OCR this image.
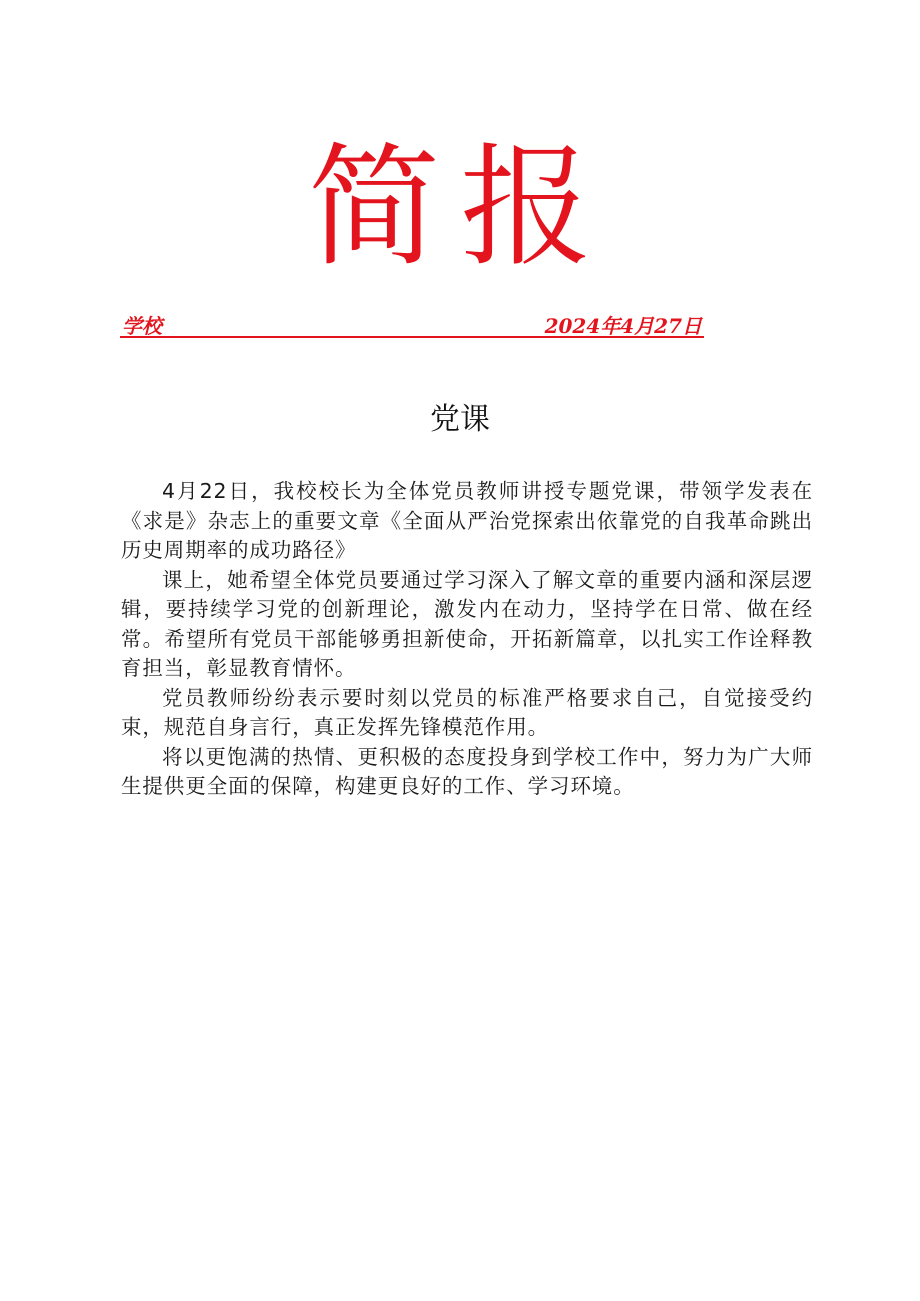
简报
学校	2024年4月27日
党课

4月22日，我校校长为全体党员教师讲授专题党课，带领学发表在《求是》杂志上的重要文章《全面从严治党探索出依靠党的自我革命跳出历史周期率的成功路径》

课上，她希望全体党员要通过学习深入了解文章的重要内涵和深层逻辑，要持续学习党的创新理论，激发内在动力，坚持学在日常、做在经常。希望所有党员干部能够勇担新使命，开拓新篇章，以扎实工作诠释教育担当，彰显教育情怀。

党员教师纷纷表示要时刻以党员的标准严格要求自己，自觉接受约束，规范自身言行，真正发挥先锋模范作用。

将以更饱满的热情、更积极的态度投身到学校工作中，努力为广大师生提供更全面的保障，构建更良好的工作、学习环境。
